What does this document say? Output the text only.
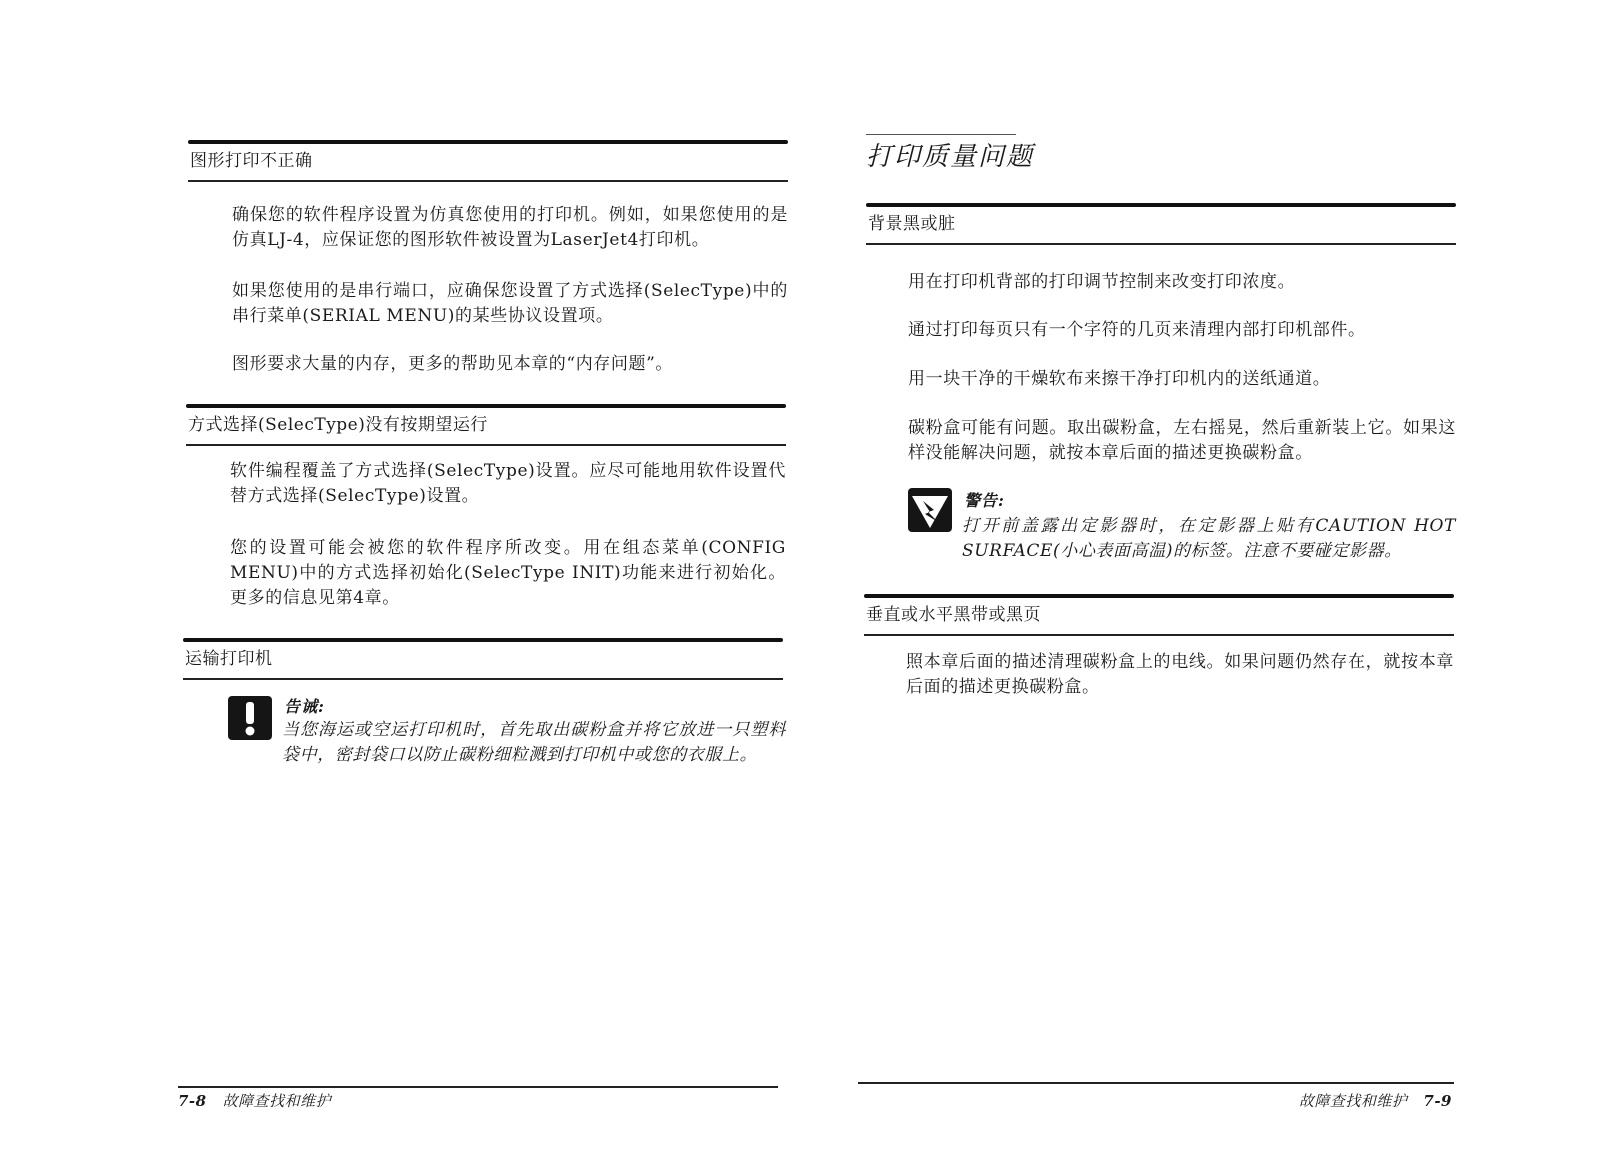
图形打印不正确
确保您的软件程序设置为仿真您使用的打印机。例如，如果您使用的是仿真LJ-4，应保证您的图形软件被设置为LaserJet4打印机。
如果您使用的是串行端口，应确保您设置了方式选择(SelecType)中的串行菜单(SERIAL MENU)的某些协议设置项。
图形要求大量的内存，更多的帮助见本章的“内存问题”。
方式选择(SelecType)没有按期望运行
软件编程覆盖了方式选择(SelecType)设置。应尽可能地用软件设置代替方式选择(SelecType)设置。
您的设置可能会被您的软件程序所改变。用在组态菜单(CONFIG MENU)中的方式选择初始化(SelecType INIT)功能来进行初始化。更多的信息见第4章。
运输打印机
告诫:
当您海运或空运打印机时，首先取出碳粉盒并将它放进一只塑料袋中，密封袋口以防止碳粉细粒溅到打印机中或您的衣服上。
7-8 故障查找和维护
打印质量问题
背景黑或脏
用在打印机背部的打印调节控制来改变打印浓度。
通过打印每页只有一个字符的几页来清理内部打印机部件。
用一块干净的干燥软布来擦干净打印机内的送纸通道。
碳粉盒可能有问题。取出碳粉盒，左右摇晃，然后重新装上它。如果这样没能解决问题，就按本章后面的描述更换碳粉盒。
警告:
打开前盖露出定影器时，在定影器上贴有CAUTION HOT SURFACE(小心表面高温)的标签。注意不要碰定影器。
垂直或水平黑带或黑页
照本章后面的描述清理碳粉盒上的电线。如果问题仍然存在，就按本章后面的描述更换碳粉盒。
故障查找和维护 7-9
